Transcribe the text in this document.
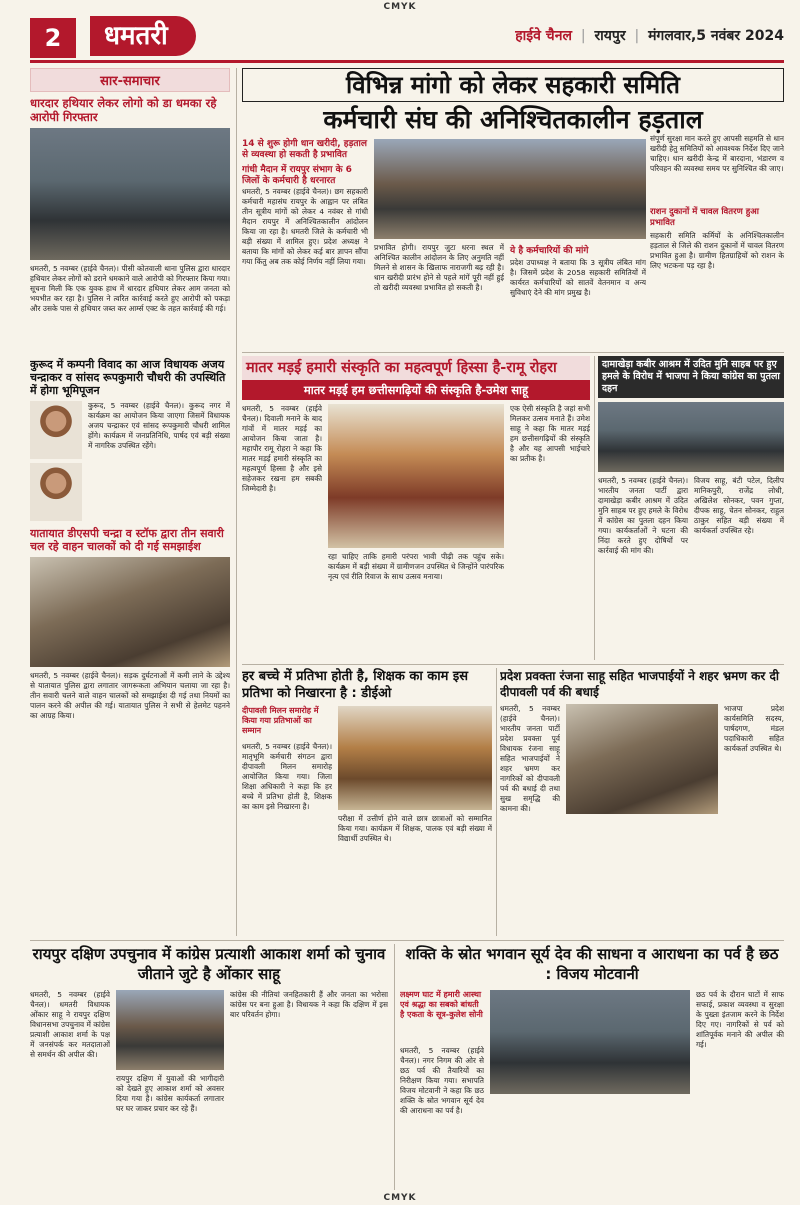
CMYK
2	धमतरी	हाईवे चैनल | रायपुर | मंगलवार,5 नवंबर 2024
सार-समाचार
धारदार हथियार लेकर लोगो को डा धमका रहे आरोपी गिरफ्तार
धमतरी, 5 नवम्बर (हाईवे चैनल)। पीसी कोतवाली थाना पुलिस द्वारा धारदार हथियार लेकर लोगों को डराने धमकाने वाले आरोपी को गिरफ्तार किया गया। सूचना मिली कि एक युवक हाथ में धारदार हथियार लेकर आम जनता को भयभीत कर रहा है। पुलिस ने त्वरित कार्रवाई करते हुए आरोपी को पकड़ा और उसके पास से हथियार जब्त कर आर्म्स एक्ट के तहत कार्रवाई की गई।
कुरूद में कम्पनी विवाद का आज विधायक अजय चन्द्राकर व सांसद रूपकुमारी चौधरी की उपस्थिति में होगा भूमिपूजन
कुरूद, 5 नवम्बर (हाईवे चैनल)। कुरूद नगर में कार्यक्रम का आयोजन किया जाएगा जिसमें विधायक अजय चन्द्राकर एवं सांसद रूपकुमारी चौधरी शामिल होंगे। कार्यक्रम में जनप्रतिनिधि, पार्षद एवं बड़ी संख्या में नागरिक उपस्थित रहेंगे।
यातायात डीएसपी चन्द्रा व स्टॉफ द्वारा तीन सवारी चल रहे वाहन चालकों को दी गई समझाईश
धमतरी, 5 नवम्बर (हाईवे चैनल)। सड़क दुर्घटनाओं में कमी लाने के उद्देश्य से यातायात पुलिस द्वारा लगातार जागरूकता अभियान चलाया जा रहा है। तीन सवारी चलने वाले वाहन चालकों को समझाईश दी गई तथा नियमों का पालन करने की अपील की गई। यातायात पुलिस ने सभी से हेलमेट पहनने का आग्रह किया।
विभिन्न मांगो को लेकर सहकारी समिति
कर्मचारी संघ की अनिश्चितकालीन हड़ताल
14 से शुरू होगी धान खरीदी, हड़ताल से व्यवस्था हो सकती है प्रभावित
गांधी मैदान में रायपुर संभाग के 6 जिलों के कर्मचारी है धरनारत
धमतरी, 5 नवम्बर (हाईवे चैनल)। छग सहकारी कर्मचारी महासंघ रायपुर के आह्वान पर लंबित तीन सूत्रीय मांगों को लेकर 4 नवंबर से गांधी मैदान रायपुर में अनिश्चितकालीन आंदोलन किया जा रहा है। धमतरी जिले के कर्मचारी भी बड़ी संख्या में शामिल हुए। प्रदेश अध्यक्ष ने बताया कि मांगों को लेकर कई बार ज्ञापन सौंपा गया किंतु अब तक कोई निर्णय नहीं लिया गया।
प्रभावित होगी। रायपुर जुटा धरना स्थल में अनिश्चित कालीन आंदोलन के लिए अनुमति नहीं मिलने से शासन के खिलाफ नाराजगी बढ़ रही है। धान खरीदी प्रारंभ होने से पहले मांगें पूरी नहीं हुई तो खरीदी व्यवस्था प्रभावित हो सकती है।
ये है कर्मचारियों की मांगे
प्रदेश उपाध्यक्ष ने बताया कि 3 सूत्रीय लंबित मांग है। जिसमें प्रदेश के 2058 सहकारी समितियों में कार्यरत कर्मचारियों को सातवें वेतनमान व अन्य सुविधाएं देने की मांग प्रमुख है।
संपूर्ण सुरक्षा मान करते हुए आपसी सहमति से धान खरीदी हेतु समितियों को आवश्यक निर्देश दिए जाने चाहिए। धान खरीदी केन्द्र में बारदाना, भंडारण व परिवहन की व्यवस्था समय पर सुनिश्चित की जाए।
राशन दुकानों में चावल वितरण हुआ प्रभावित
सहकारी समिति कर्मियों के अनिश्चितकालीन हड़ताल से जिले की राशन दुकानों में चावल वितरण प्रभावित हुआ है। ग्रामीण हितग्राहियों को राशन के लिए भटकना पड़ रहा है।
मातर मड़ई हमारी संस्कृति का महत्वपूर्ण हिस्सा है-रामू रोहरा
मातर मड़ई हम छत्तीसगढ़ियों की संस्कृति है-उमेश साहू
धमतरी, 5 नवम्बर (हाईवे चैनल)। दिवाली मनाने के बाद गांवों में मातर मड़ई का आयोजन किया जाता है। महापौर रामू रोहरा ने कहा कि मातर मड़ई हमारी संस्कृति का महत्वपूर्ण हिस्सा है और इसे सहेजकर रखना हम सबकी जिम्मेदारी है।
रहा चाहिए ताकि हमारी परंपरा भावी पीढ़ी तक पहुंच सके। कार्यक्रम में बड़ी संख्या में ग्रामीणजन उपस्थित थे जिन्होंने पारंपरिक नृत्य एवं रीति रिवाज के साथ उत्सव मनाया।
एक ऐसी संस्कृति है जहां सभी मिलकर उत्सव मनाते हैं। उमेश साहू ने कहा कि मातर मड़ई हम छत्तीसगढ़ियों की संस्कृति है और यह आपसी भाईचारे का प्रतीक है।
दामाखेड़ा कबीर आश्रम में उदित मुनि साहब पर हुए हमले के विरोध में भाजपा ने किया कांग्रेस का पुतला दहन
धमतरी, 5 नवम्बर (हाईवे चैनल)। भारतीय जनता पार्टी द्वारा दामाखेड़ा कबीर आश्रम में उदित मुनि साहब पर हुए हमले के विरोध में कांग्रेस का पुतला दहन किया गया। कार्यकर्ताओं ने घटना की निंदा करते हुए दोषियों पर कार्रवाई की मांग की।
विजय साहू, बंटी पटेल, दिलीप मानिकपुरी, राजेंद्र लोधी, अखिलेश सोनकर, पवन गुप्ता, दीपक साहू, चेतन सोनकर, राहुल ठाकुर सहित बड़ी संख्या में कार्यकर्ता उपस्थित रहे।
हर बच्चे में प्रतिभा होती है, शिक्षक का काम इस प्रतिभा को निखारना है : डीईओ
दीपावली मिलन समारोह में किया गया प्रतिभाओं का सम्मान
धमतरी, 5 नवम्बर (हाईवे चैनल)। मातृभूमि कर्मचारी संगठन द्वारा दीपावली मिलन समारोह आयोजित किया गया। जिला शिक्षा अधिकारी ने कहा कि हर बच्चे में प्रतिभा होती है, शिक्षक का काम इसे निखारना है।
परीक्षा में उत्तीर्ण होने वाले छात्र छात्राओं को सम्मानित किया गया। कार्यक्रम में शिक्षक, पालक एवं बड़ी संख्या में विद्यार्थी उपस्थित थे।
प्रदेश प्रवक्ता रंजना साहू सहित भाजपाईयों ने शहर भ्रमण कर दी दीपावली पर्व की बधाई
धमतरी, 5 नवम्बर (हाईवे चैनल)। भारतीय जनता पार्टी प्रदेश प्रवक्ता पूर्व विधायक रंजना साहू सहित भाजपाईयों ने शहर भ्रमण कर नागरिकों को दीपावली पर्व की बधाई दी तथा सुख समृद्धि की कामना की।
भाजपा प्रदेश कार्यसमिति सदस्य, पार्षदगण, मंडल पदाधिकारी सहित कार्यकर्ता उपस्थित थे।
रायपुर दक्षिण उपचुनाव में कांग्रेस प्रत्याशी आकाश शर्मा को चुनाव जीताने जुटे है ओंकार साहू
धमतरी, 5 नवम्बर (हाईवे चैनल)। धमतरी विधायक ओंकार साहू ने रायपुर दक्षिण विधानसभा उपचुनाव में कांग्रेस प्रत्याशी आकाश शर्मा के पक्ष में जनसंपर्क कर मतदाताओं से समर्थन की अपील की।
रायपुर दक्षिण में युवाओं की भागीदारी को देखते हुए आकाश शर्मा को अवसर दिया गया है। कांग्रेस कार्यकर्ता लगातार घर घर जाकर प्रचार कर रहे हैं।
कांग्रेस की नीतियां जनहितकारी हैं और जनता का भरोसा कांग्रेस पर बना हुआ है। विधायक ने कहा कि दक्षिण में इस बार परिवर्तन होगा।
शक्ति के स्रोत भगवान सूर्य देव की साधना व आराधना का पर्व है छठ : विजय मोटवानी
लक्ष्मण घाट में हमारी आस्था एवं श्रद्धा का सबको बांधती है एकता के सूत्र-कुलेश सोनी
धमतरी, 5 नवम्बर (हाईवे चैनल)। नगर निगम की ओर से छठ पर्व की तैयारियों का निरीक्षण किया गया। सभापति विजय मोटवानी ने कहा कि छठ शक्ति के स्रोत भगवान सूर्य देव की आराधना का पर्व है।
छठ पर्व के दौरान घाटों में साफ सफाई, प्रकाश व्यवस्था व सुरक्षा के पुख्ता इंतजाम करने के निर्देश दिए गए। नागरिकों से पर्व को शांतिपूर्वक मनाने की अपील की गई।
CMYK
